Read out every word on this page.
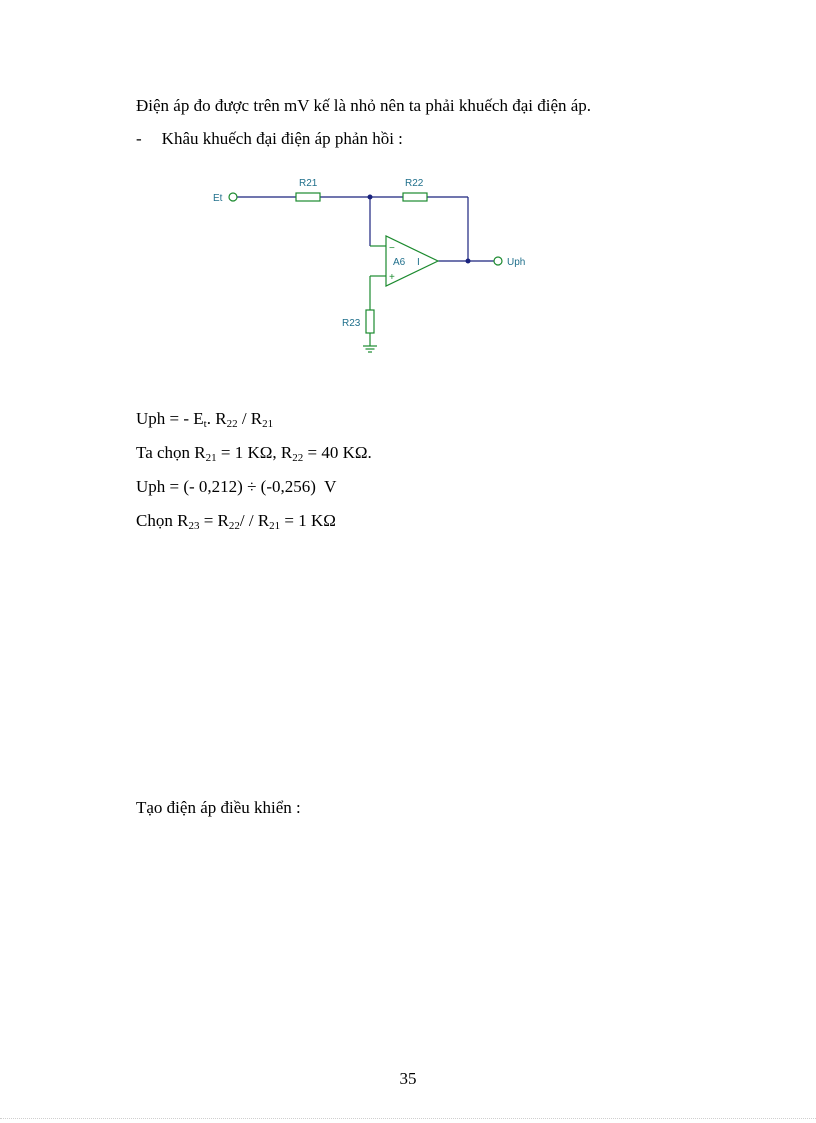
Điện áp đo được trên mV kế là nhỏ nên ta phải khuếch đại điện áp.
- Khâu khuếch đại điện áp phản hồi :
Et
R21	R22
R23
A6 I
−
+
Uph
Uph = - $E_t$. $R_{22} / R_{21}$
Ta chọn $R_{21} = 1$ KΩ, $R_{22} = 40$ KΩ.
Uph = (- 0,212) ÷ (-0,256)  V
Chọn $R_{23} = R_{22}/ / R_{21} = 1$ KΩ
Tạo điện áp điều khiển :
35
